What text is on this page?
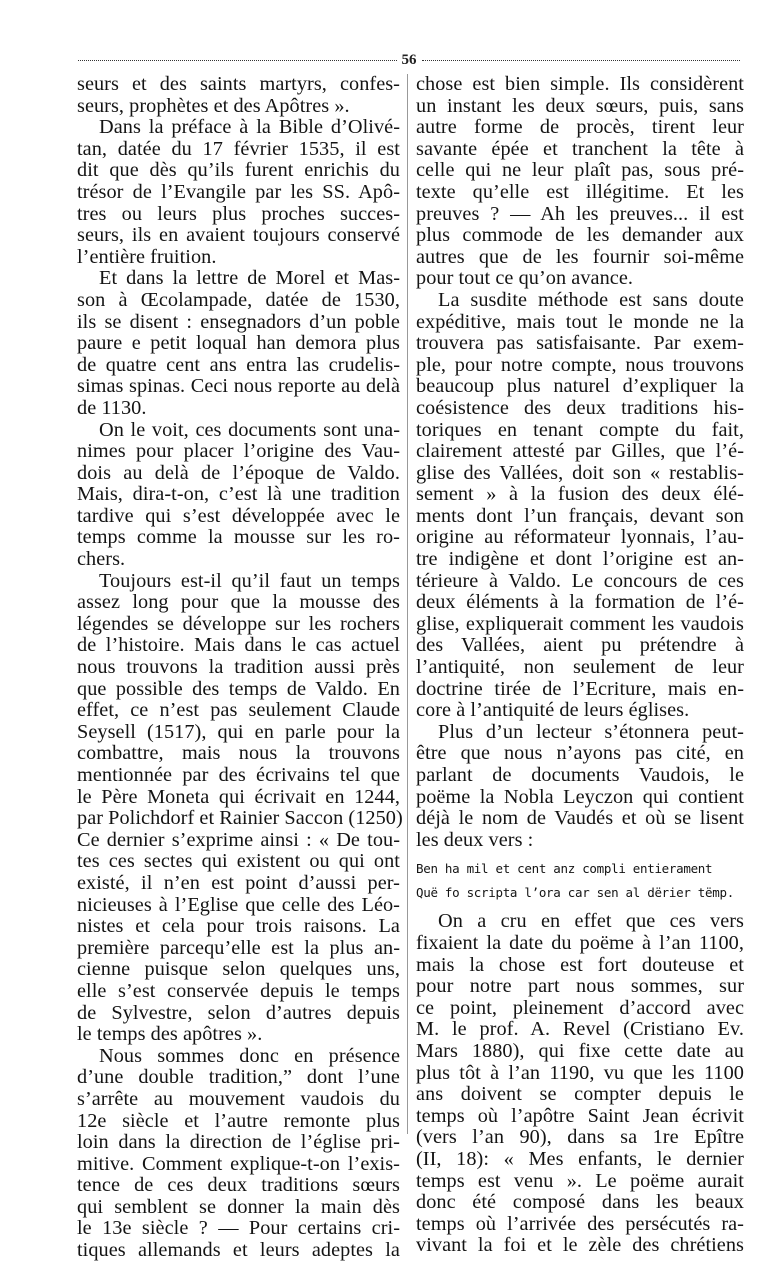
56
seurs et des saints martyrs, confes-
seurs, prophètes et des Apôtres ».
Dans la préface à la Bible d’Olivé-
tan, datée du 17 février 1535, il est
dit que dès qu’ils furent enrichis du
trésor de l’Evangile par les SS. Apô-
tres ou leurs plus proches succes-
seurs, ils en avaient toujours conservé
l’entière fruition.
Et dans la lettre de Morel et Mas-
son à Œcolampade, datée de 1530,
ils se disent : ensegnadors d’un poble
paure e petit loqual han demora plus
de quatre cent ans entra las crudelis-
simas spinas. Ceci nous reporte au delà
de 1130.
On le voit, ces documents sont una-
nimes pour placer l’origine des Vau-
dois au delà de l’époque de Valdo.
Mais, dira-t-on, c’est là une tradition
tardive qui s’est développée avec le
temps comme la mousse sur les ro-
chers.
Toujours est-il qu’il faut un temps
assez long pour que la mousse des
légendes se développe sur les rochers
de l’histoire. Mais dans le cas actuel
nous trouvons la tradition aussi près
que possible des temps de Valdo. En
effet, ce n’est pas seulement Claude
Seysell (1517), qui en parle pour la
combattre, mais nous la trouvons
mentionnée par des écrivains tel que
le Père Moneta qui écrivait en 1244,
par Polichdorf et Rainier Saccon (1250)
Ce dernier s’exprime ainsi : « De tou-
tes ces sectes qui existent ou qui ont
existé, il n’en est point d’aussi per-
nicieuses à l’Eglise que celle des Léo-
nistes et cela pour trois raisons. La
première parcequ’elle est la plus an-
cienne puisque selon quelques uns,
elle s’est conservée depuis le temps
de Sylvestre, selon d’autres depuis
le temps des apôtres ».
Nous sommes donc en présence
d’une double tradition,” dont l’une
s’arrête au mouvement vaudois du
12e siècle et l’autre remonte plus
loin dans la direction de l’église pri-
mitive. Comment explique-t-on l’exis-
tence de ces deux traditions sœurs
qui semblent se donner la main dès
le 13e siècle ? — Pour certains cri-
tiques allemands et leurs adeptes la
chose est bien simple. Ils considèrent
un instant les deux sœurs, puis, sans
autre forme de procès, tirent leur
savante épée et tranchent la tête à
celle qui ne leur plaît pas, sous pré-
texte qu’elle est illégitime. Et les
preuves ? — Ah les preuves... il est
plus commode de les demander aux
autres que de les fournir soi-même
pour tout ce qu’on avance.
La susdite méthode est sans doute
expéditive, mais tout le monde ne la
trouvera pas satisfaisante. Par exem-
ple, pour notre compte, nous trouvons
beaucoup plus naturel d’expliquer la
coésistence des deux traditions his-
toriques en tenant compte du fait,
clairement attesté par Gilles, que l’é-
glise des Vallées, doit son « restablis-
sement » à la fusion des deux élé-
ments dont l’un français, devant son
origine au réformateur lyonnais, l’au-
tre indigène et dont l’origine est an-
térieure à Valdo. Le concours de ces
deux éléments à la formation de l’é-
glise, expliquerait comment les vaudois
des Vallées, aient pu prétendre à
l’antiquité, non seulement de leur
doctrine tirée de l’Ecriture, mais en-
core à l’antiquité de leurs églises.
Plus d’un lecteur s’étonnera peut-
être que nous n’ayons pas cité, en
parlant de documents Vaudois, le
poëme la Nobla Leyczon qui contient
déjà le nom de Vaudés et où se lisent
les deux vers :
Ben ha mil et cent anz compli entierament
Quë fo scripta l’ora car sen al dërier tëmp.
On a cru en effet que ces vers
fixaient la date du poëme à l’an 1100,
mais la chose est fort douteuse et
pour notre part nous sommes, sur
ce point, pleinement d’accord avec
M. le prof. A. Revel (Cristiano Ev.
Mars 1880), qui fixe cette date au
plus tôt à l’an 1190, vu que les 1100
ans doivent se compter depuis le
temps où l’apôtre Saint Jean écrivit
(vers l’an 90), dans sa 1re Epître
(II, 18): « Mes enfants, le dernier
temps est venu ». Le poëme aurait
donc été composé dans les beaux
temps où l’arrivée des persécutés ra-
vivant la foi et le zèle des chrétiens
